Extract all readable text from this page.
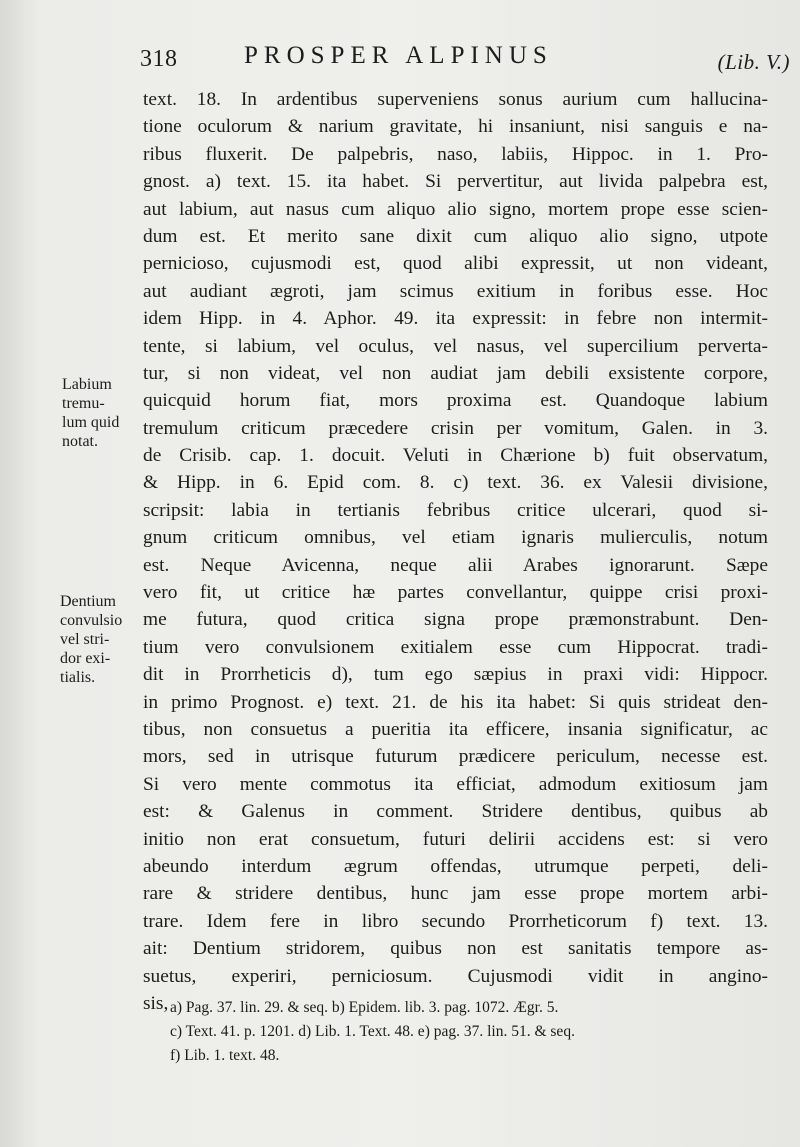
318	PROSPER ALPINUS	(Lib. V.)
Labium
tremu-
lum quid
notat.
Dentium
convulsio
vel stri-
dor exi-
tialis.
text. 18. In ardentibus superveniens sonus aurium cum hallucina-
tione oculorum & narium gravitate, hi insaniunt, nisi sanguis e na-
ribus fluxerit. De palpebris, naso, labiis, Hippoc. in 1. Pro-
gnost. a) text. 15. ita habet. Si pervertitur, aut livida palpebra est,
aut labium, aut nasus cum aliquo alio signo, mortem prope esse scien-
dum est. Et merito sane dixit cum aliquo alio signo, utpote
pernicioso, cujusmodi est, quod alibi expressit, ut non videant,
aut audiant ægroti, jam scimus exitium in foribus esse. Hoc
idem Hipp. in 4. Aphor. 49. ita expressit: in febre non intermit-
tente, si labium, vel oculus, vel nasus, vel supercilium perverta-
tur, si non videat, vel non audiat jam debili exsistente corpore,
quicquid horum fiat, mors proxima est. Quandoque labium
tremulum criticum præcedere crisin per vomitum, Galen. in 3.
de Crisib. cap. 1. docuit. Veluti in Chærione b) fuit observatum,
& Hipp. in 6. Epid com. 8. c) text. 36. ex Valesii divisione,
scripsit: labia in tertianis febribus critice ulcerari, quod si-
gnum criticum omnibus, vel etiam ignaris mulierculis, notum
est. Neque Avicenna, neque alii Arabes ignorarunt. Sæpe
vero fit, ut critice hæ partes convellantur, quippe crisi proxi-
me futura, quod critica signa prope præmonstrabunt. Den-
tium vero convulsionem exitialem esse cum Hippocrat. tradi-
dit in Prorrheticis d), tum ego sæpius in praxi vidi: Hippocr.
in primo Prognost. e) text. 21. de his ita habet: Si quis strideat den-
tibus, non consuetus a pueritia ita efficere, insania significatur, ac
mors, sed in utrisque futurum prædicere periculum, necesse est.
Si vero mente commotus ita efficiat, admodum exitiosum jam
est: & Galenus in comment. Stridere dentibus, quibus ab
initio non erat consuetum, futuri delirii accidens est: si vero
abeundo interdum ægrum offendas, utrumque perpeti, deli-
rare & stridere dentibus, hunc jam esse prope mortem arbi-
trare. Idem fere in libro secundo Prorrheticorum f) text. 13.
ait: Dentium stridorem, quibus non est sanitatis tempore as-
suetus, experiri, perniciosum. Cujusmodi vidit in angino-
sis, a) Pag. 37. lin. 29. & seq. b) Epidem. lib. 3. pag. 1072. Ægr. 5.
c) Text. 41. p. 1201. d) Lib. 1. Text. 48. e) pag. 37. lin. 51. & seq.
f) Lib. 1. text. 48.
